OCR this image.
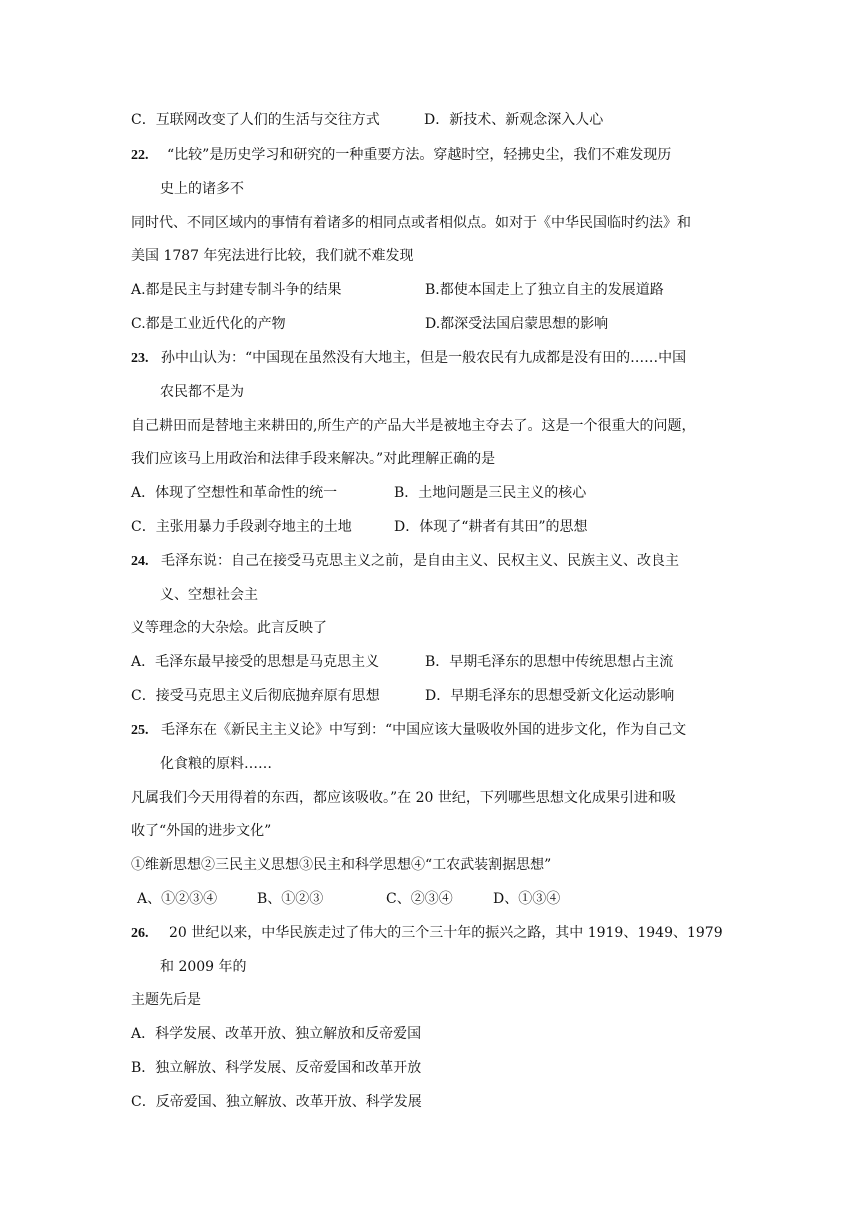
C．互联网改变了人们的生活与交往方式	D．新技术、新观念深入人心
22. “比较”是历史学习和研究的一种重要方法。穿越时空，轻拂史尘，我们不难发现历
史上的诸多不
同时代、不同区域内的事情有着诸多的相同点或者相似点。如对于《中华民国临时约法》和
美国 1787 年宪法进行比较，我们就不难发现
A.都是民主与封建专制斗争的结果	B.都使本国走上了独立自主的发展道路
C.都是工业近代化的产物	D.都深受法国启蒙思想的影响
23. 孙中山认为：“中国现在虽然没有大地主，但是一般农民有九成都是没有田的……中国
农民都不是为
自己耕田而是替地主来耕田的,所生产的产品大半是被地主夺去了。这是一个很重大的问题，
我们应该马上用政治和法律手段来解决。”对此理解正确的是
A．体现了空想性和革命性的统一	B．土地问题是三民主义的核心
C．主张用暴力手段剥夺地主的土地	D．体现了“耕者有其田”的思想
24. 毛泽东说：自己在接受马克思主义之前，是自由主义、民权主义、民族主义、改良主
义、空想社会主
义等理念的大杂烩。此言反映了
A．毛泽东最早接受的思想是马克思主义	B．早期毛泽东的思想中传统思想占主流
C．接受马克思主义后彻底抛弃原有思想	D．早期毛泽东的思想受新文化运动影响
25. 毛泽东在《新民主主义论》中写到：“中国应该大量吸收外国的进步文化，作为自己文
化食粮的原料……
凡属我们今天用得着的东西，都应该吸收。”在 20 世纪，下列哪些思想文化成果引进和吸
收了“外国的进步文化”
①维新思想②三民主义思想③民主和科学思想④“工农武装割据思想”
A、①②③④	B、①②③	C、②③④	D、①③④
26. 20 世纪以来，中华民族走过了伟大的三个三十年的振兴之路，其中 1919、1949、1979
和 2009 年的
主题先后是
A．科学发展、改革开放、独立解放和反帝爱国
B．独立解放、科学发展、反帝爱国和改革开放
C．反帝爱国、独立解放、改革开放、科学发展
